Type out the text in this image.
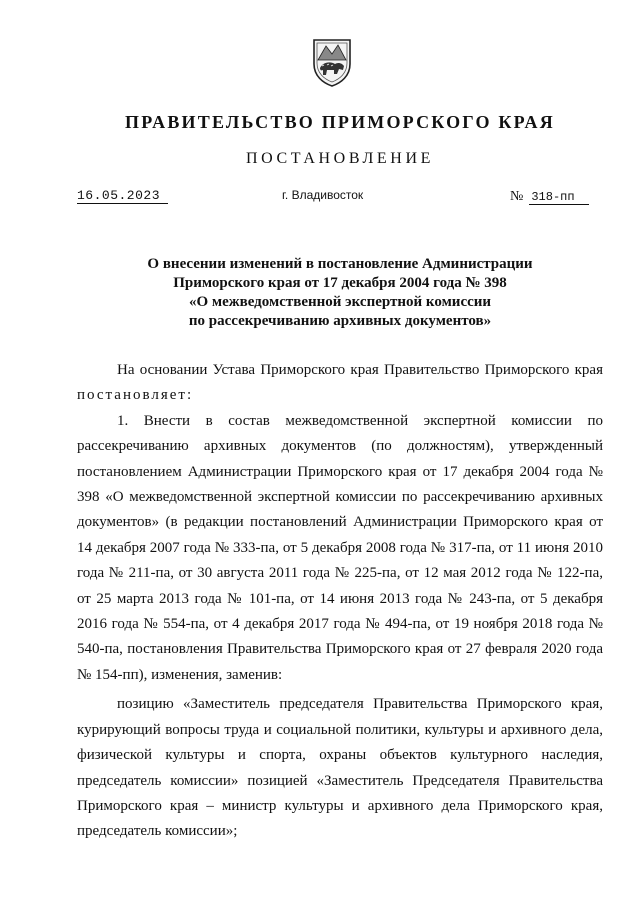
ПРАВИТЕЛЬСТВО ПРИМОРСКОГО КРАЯ
ПОСТАНОВЛЕНИЕ
16.05.2023	г. Владивосток	№ 318-пп
О внесении изменений в постановление Администрации
Приморского края от 17 декабря 2004 года № 398
«О межведомственной экспертной комиссии
по рассекречиванию архивных документов»

На основании Устава Приморского края Правительство Приморского края постановляет:

1. Внести в состав межведомственной экспертной комиссии по рассекречиванию архивных документов (по должностям), утвержденный постановлением Администрации Приморского края от 17 декабря 2004 года № 398 «О межведомственной экспертной комиссии по рассекречиванию архивных документов» (в редакции постановлений Администрации Приморского края от 14 декабря 2007 года № 333-па, от 5 декабря 2008 года № 317-па, от 11 июня 2010 года № 211-па, от 30 августа 2011 года № 225-па, от 12 мая 2012 года № 122-па, от 25 марта 2013 года № 101-па, от 14 июня 2013 года № 243-па, от 5 декабря 2016 года № 554-па, от 4 декабря 2017 года № 494-па, от 19 ноября 2018 года № 540-па, постановления Правительства Приморского края от 27 февраля 2020 года № 154-пп), изменения, заменив:

позицию «Заместитель председателя Правительства Приморского края, курирующий вопросы труда и социальной политики, культуры и архивного дела, физической культуры и спорта, охраны объектов культурного наследия, председатель комиссии» позицией «Заместитель Председателя Правительства Приморского края – министр культуры и архивного дела Приморского края, председатель комиссии»;
